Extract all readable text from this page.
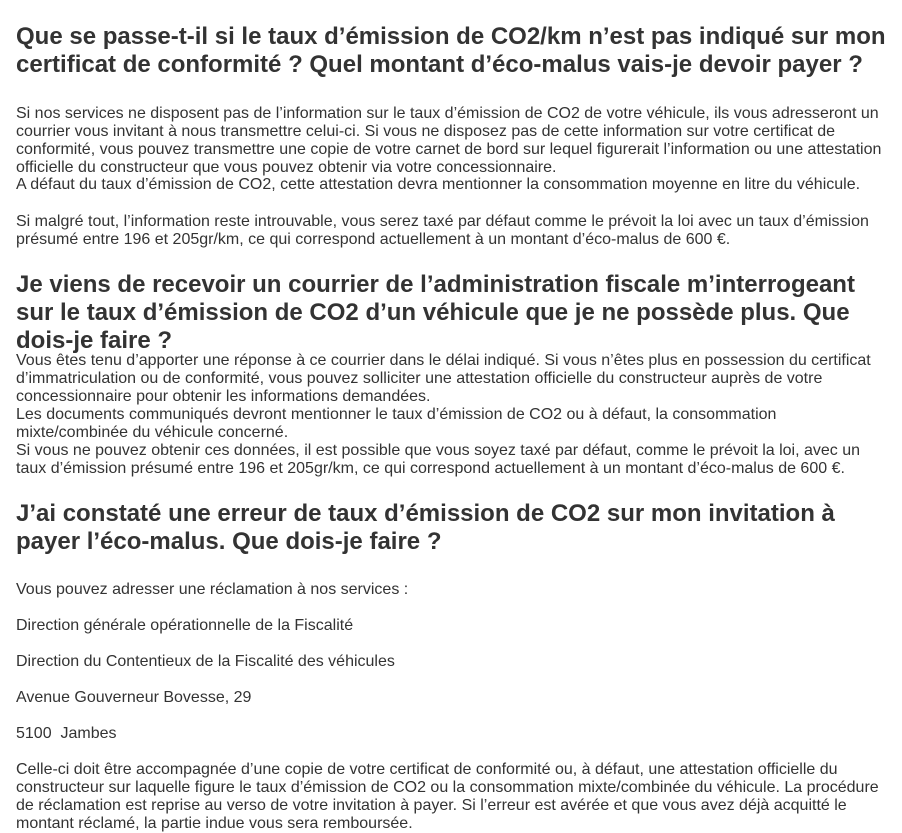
Que se passe-t-il si le taux d’émission de CO2/km n’est pas indiqué sur mon certificat de conformité ? Quel montant d’éco-malus vais-je devoir payer ?

Si nos services ne disposent pas de l’information sur le taux d’émission de CO2 de votre véhicule, ils vous adresseront un courrier vous invitant à nous transmettre celui-ci. Si vous ne disposez pas de cette information sur votre certificat de conformité, vous pouvez transmettre une copie de votre carnet de bord sur lequel figurerait l’information ou une attestation officielle du constructeur que vous pouvez obtenir via votre concessionnaire.

A défaut du taux d’émission de CO2, cette attestation devra mentionner la consommation moyenne en litre du véhicule.

Si malgré tout, l’information reste introuvable, vous serez taxé par défaut comme le prévoit la loi avec un taux d’émission présumé entre 196 et 205gr/km, ce qui correspond actuellement à un montant d’éco-malus de 600 €.

Je viens de recevoir un courrier de l’administration fiscale m’interrogeant sur le taux d’émission de CO2 d’un véhicule que je ne possède plus. Que dois-je faire ?

Vous êtes tenu d’apporter une réponse à ce courrier dans le délai indiqué. Si vous n’êtes plus en possession du certificat d’immatriculation ou de conformité, vous pouvez solliciter une attestation officielle du constructeur auprès de votre concessionnaire pour obtenir les informations demandées.

Les documents communiqués devront mentionner le taux d’émission de CO2 ou à défaut, la consommation mixte/combinée du véhicule concerné.

Si vous ne pouvez obtenir ces données, il est possible que vous soyez taxé par défaut, comme le prévoit la loi, avec un taux d’émission présumé entre 196 et 205gr/km, ce qui correspond actuellement à un montant d’éco-malus de 600 €.

J’ai constaté une erreur de taux d’émission de CO2 sur mon invitation à payer l’éco-malus. Que dois-je faire ?

Vous pouvez adresser une réclamation à nos services :

Direction générale opérationnelle de la Fiscalité

Direction du Contentieux de la Fiscalité des véhicules

Avenue Gouverneur Bovesse, 29

5100  Jambes

Celle-ci doit être accompagnée d’une copie de votre certificat de conformité ou, à défaut, une attestation officielle du constructeur sur laquelle figure le taux d’émission de CO2 ou la consommation mixte/combinée du véhicule. La procédure de réclamation est reprise au verso de votre invitation à payer. Si l’erreur est avérée et que vous avez déjà acquitté le montant réclamé, la partie indue vous sera remboursée.
